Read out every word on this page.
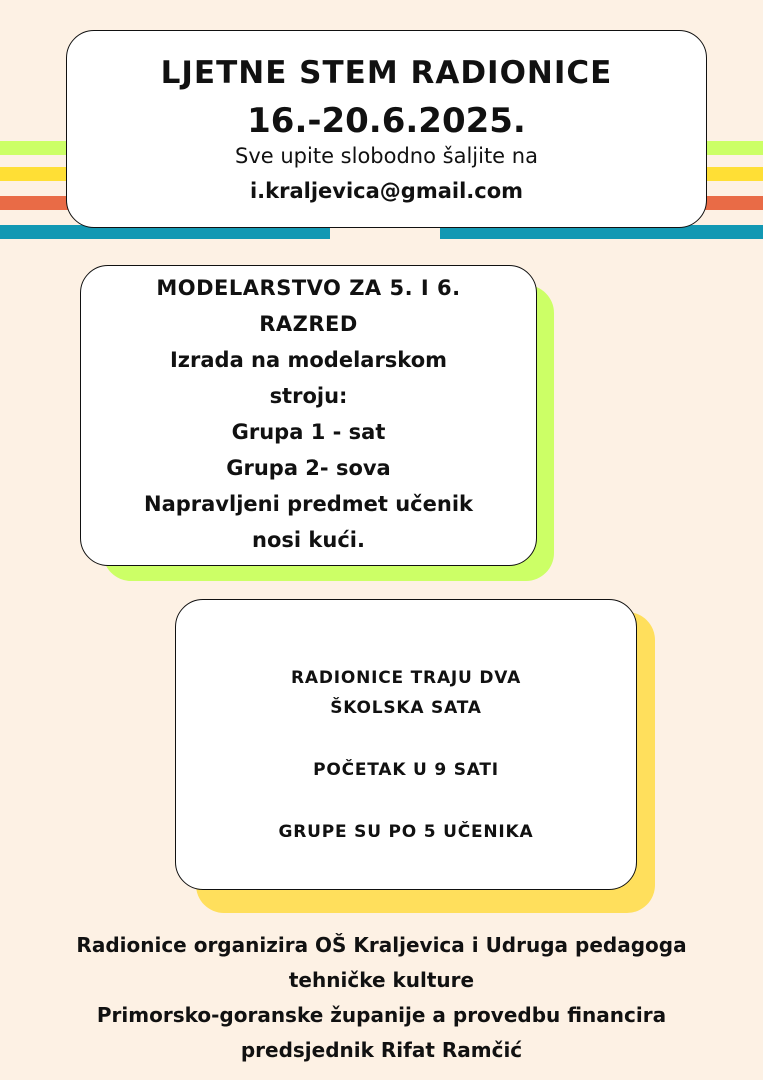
LJETNE STEM RADIONICE
16.-20.6.2025.
Sve upite slobodno šaljite na
i.kraljevica@gmail.com
MODELARSTVO ZA 5. I 6.
RAZRED
Izrada na modelarskom
stroju:
Grupa 1 - sat
Grupa 2- sova
Napravljeni predmet učenik
nosi kući.
RADIONICE TRAJU DVA
ŠKOLSKA SATA
POČETAK U 9 SATI
GRUPE SU PO 5 UČENIKA
Radionice organizira OŠ Kraljevica i Udruga pedagoga
tehničke kulture
Primorsko-goranske županije a provedbu financira
predsjednik Rifat Ramčić
